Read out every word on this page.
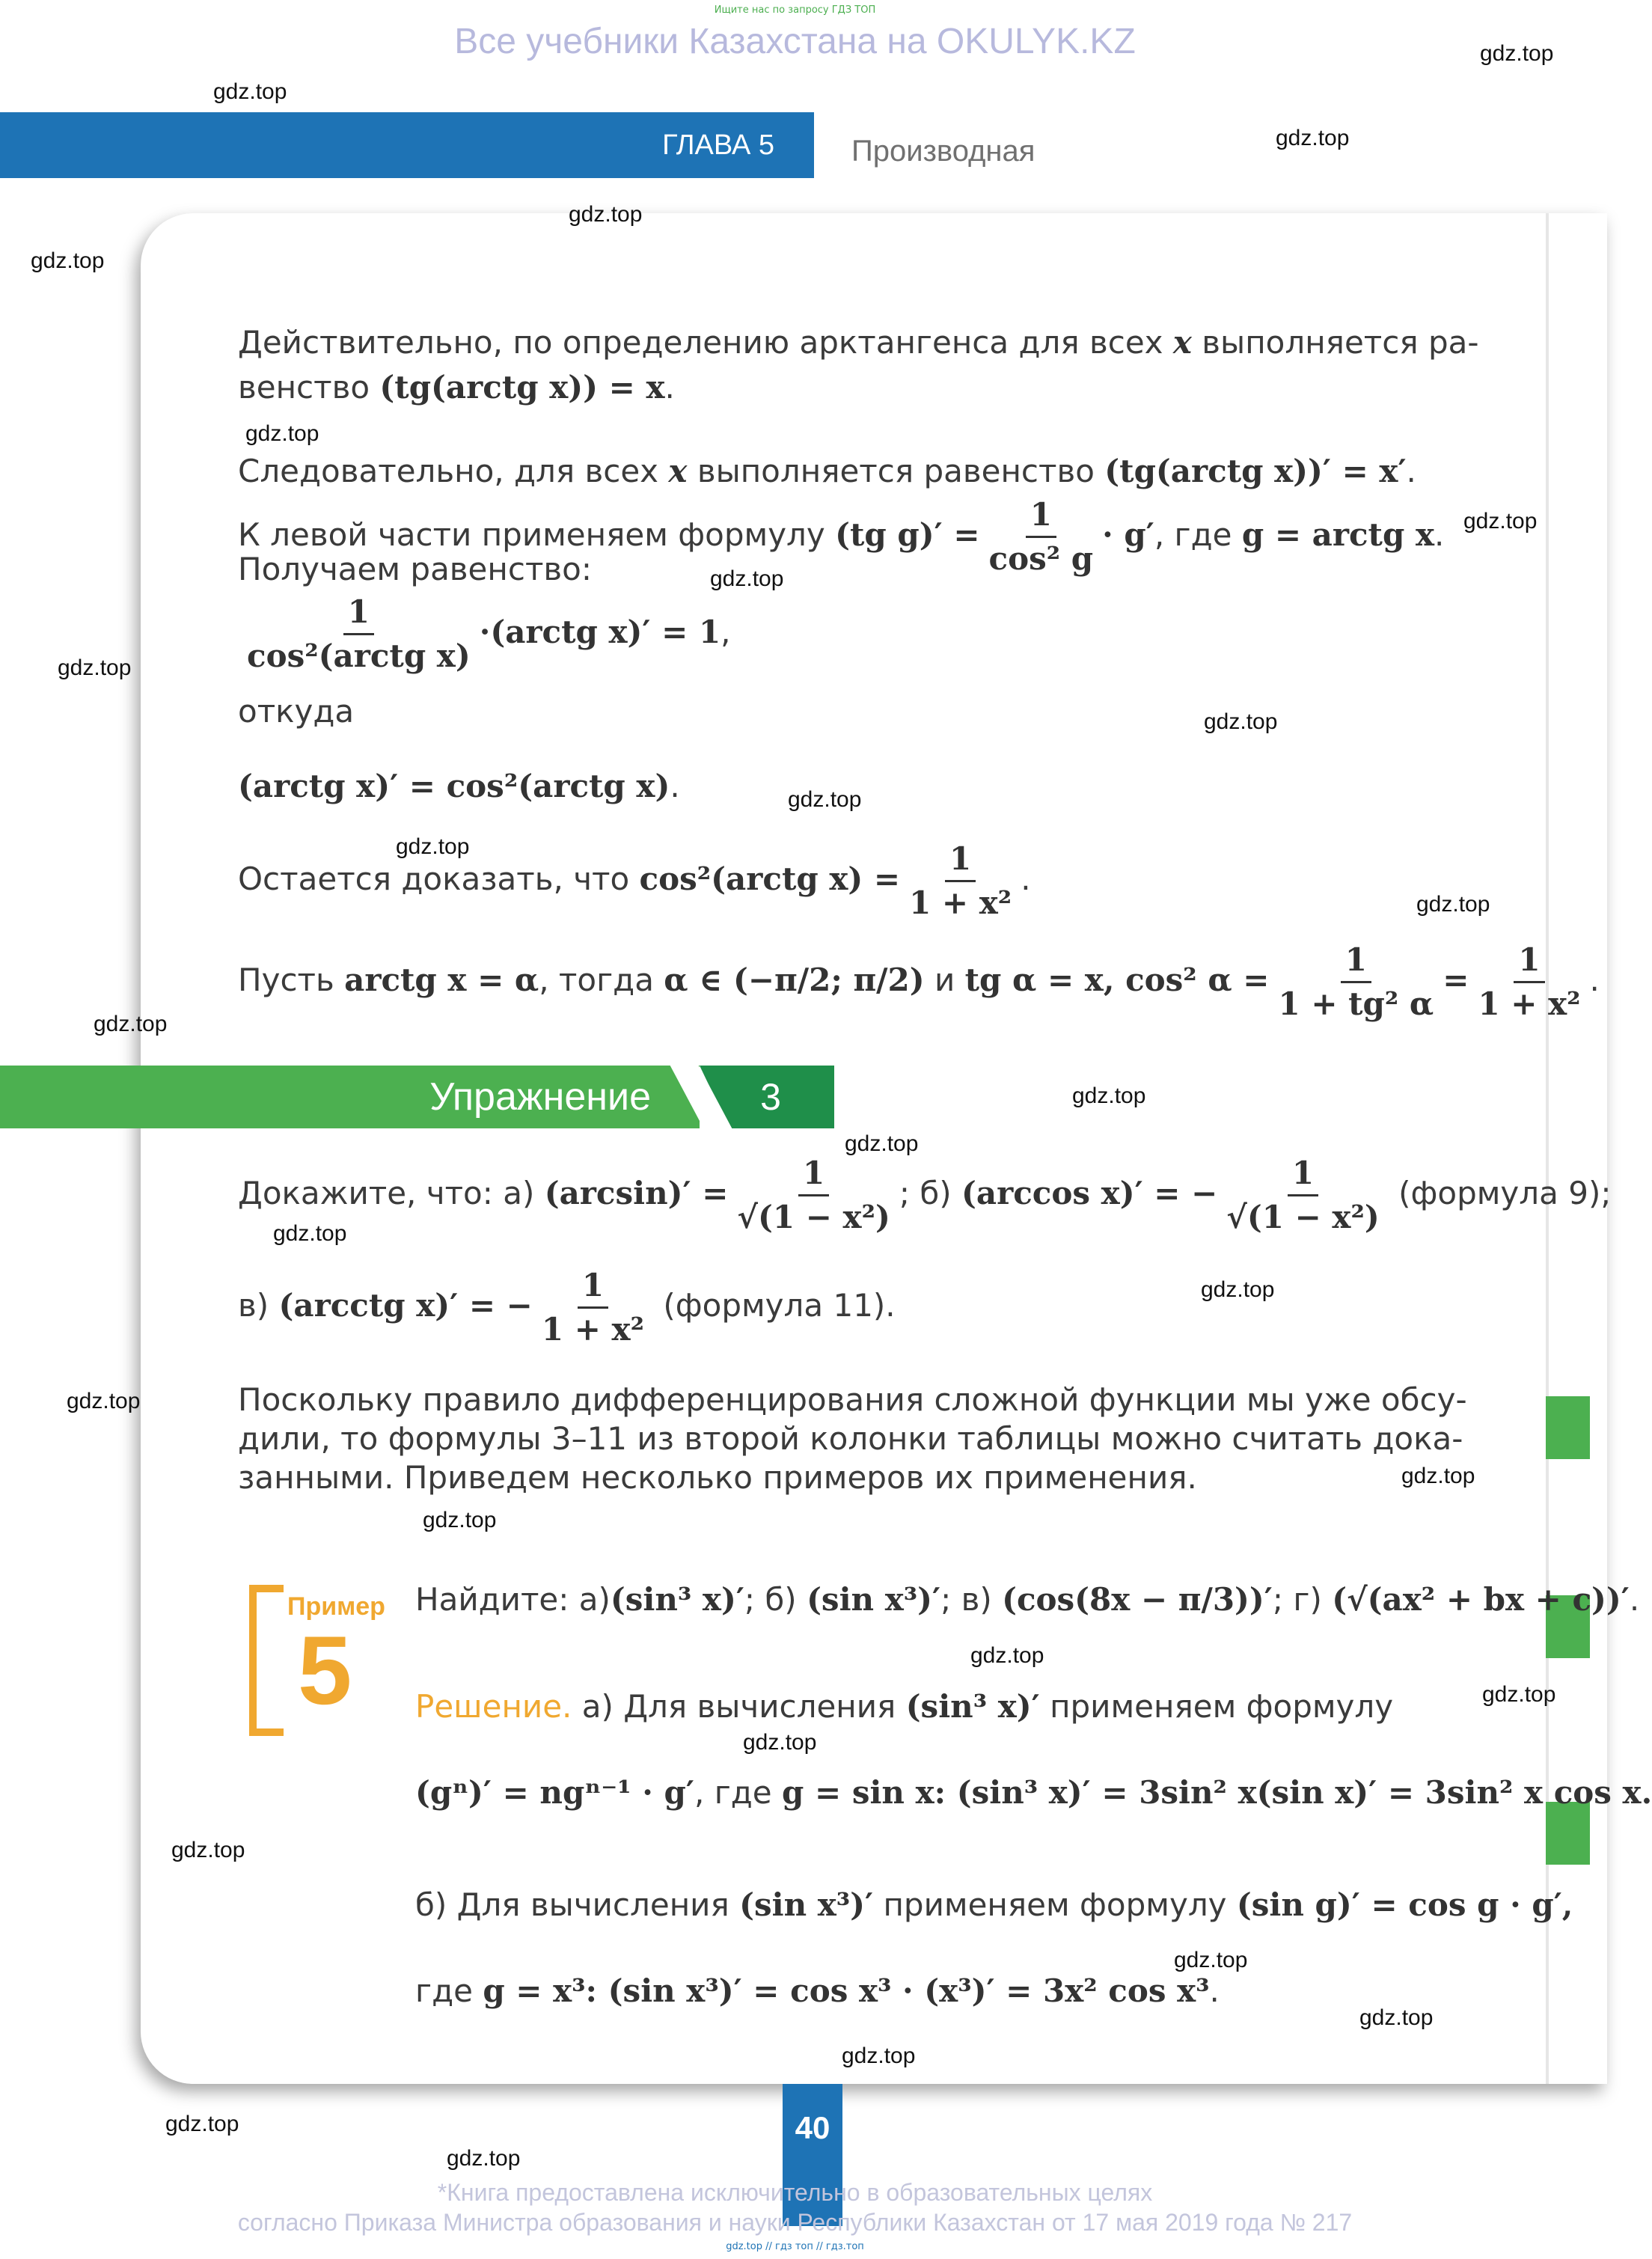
Ищите нас по запросу ГДЗ ТОП
Все учебники Казахстана на OKULYK.KZ
ГЛАВА 5	Производная
Действительно, по определению арктангенса для всех x выполняется ра-
венство (tg(arctg x)) = x.
Следовательно, для всех x выполняется равенство (tg(arctg x))′ = x′.
К левой части применяем формулу (tg $g)' = \frac{1}{\text{cos² g}} \cdot g'$, где g = arctg x.
Получаем равенство:
$\frac{1}{\text{cos²(arctg x)}}$ ·(arctg x)′ = 1,
откуда
(arctg x)′ = cos²(arctg x).
Остается доказать, что cos²(arctg $x) = \frac{1}{\text{1 + x²}}$ .
Пусть arctg x = α, тогда α ∈ (−π/2; π/2) и tg α = x, cos² $\alpha = \frac{1}{\text{1 + tg² α}} = \frac{1}{\text{1 + x²}}$ .
Упражнение	3
Докажите, что: а) $(\arcsin)' = \frac{1}{\text{√(1 − x²)}}$ ; б) (arccos x)′ = − $\frac{1}{\text{√(1 − x²)}}$ (формула 9);
в) (arcctg x)′ = − $\frac{1}{\text{1 + x²}}$ (формула 11).
Поскольку правило дифференцирования сложной функции мы уже обсу-
дили, то формулы 3–11 из второй колонки таблицы можно считать дока-
занными. Приведем несколько примеров их применения.
Пример
5
Найдите: а)(sin³ x)′; б) (sin x³)′; в) (cos(8x − π/3))′; г) (√(ax² + bx + c))′.
Решение. а) Для вычисления (sin³ x)′ применяем формулу
(gⁿ)′ = ngⁿ⁻¹ · g′, где g = sin x: (sin³ x)′ = 3sin² x(sin x)′ = 3sin² x cos x.
б) Для вычисления (sin x³)′ применяем формулу (sin g)′ = cos g · g′,
где g = x³: (sin x³)′ = cos x³ · (x³)′ = 3x² cos x³.
40
*Книга предоставлена исключительно в образовательных целях
согласно Приказа Министра образования и науки Республики Казахстан от 17 мая 2019 года № 217
gdz.top // гдз топ // гдз.топ
gdz.top
gdz.top
gdz.top
gdz.top
gdz.top
gdz.top
gdz.top
gdz.top
gdz.top
gdz.top
gdz.top
gdz.top
gdz.top
gdz.top
gdz.top
gdz.top
gdz.top
gdz.top
gdz.top
gdz.top
gdz.top
gdz.top
gdz.top
gdz.top
gdz.top
gdz.top
gdz.top
gdz.top
gdz.top
gdz.top
